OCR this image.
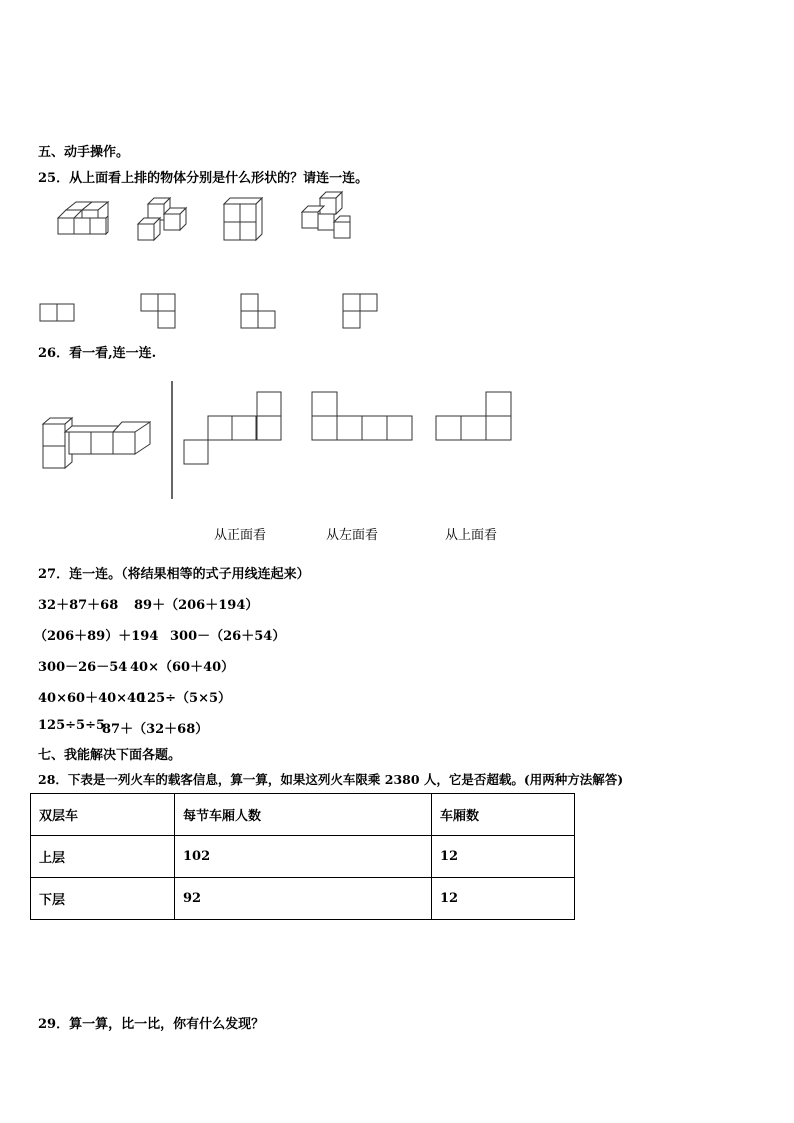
五、动手操作。
25．从上面看上排的物体分别是什么形状的？请连一连。
26．看一看,连一连.
从正面看	从左面看	从上面看
27．连一连。（将结果相等的式子用线连起来）
32＋87＋68 89＋（206＋194）
（206＋89）＋194 300－（26＋54）
300－26－54 40×（60＋40）
40×60＋40×40
125÷（5×5）
125÷5÷5
87＋（32＋68）
七、我能解决下面各题。
28．下表是一列火车的载客信息，算一算，如果这列火车限乘 2380 人，它是否超载。(用两种方法解答)
双层车	每节车厢人数	车厢数
上层	102	12
下层	92	12
29．算一算，比一比，你有什么发现？
